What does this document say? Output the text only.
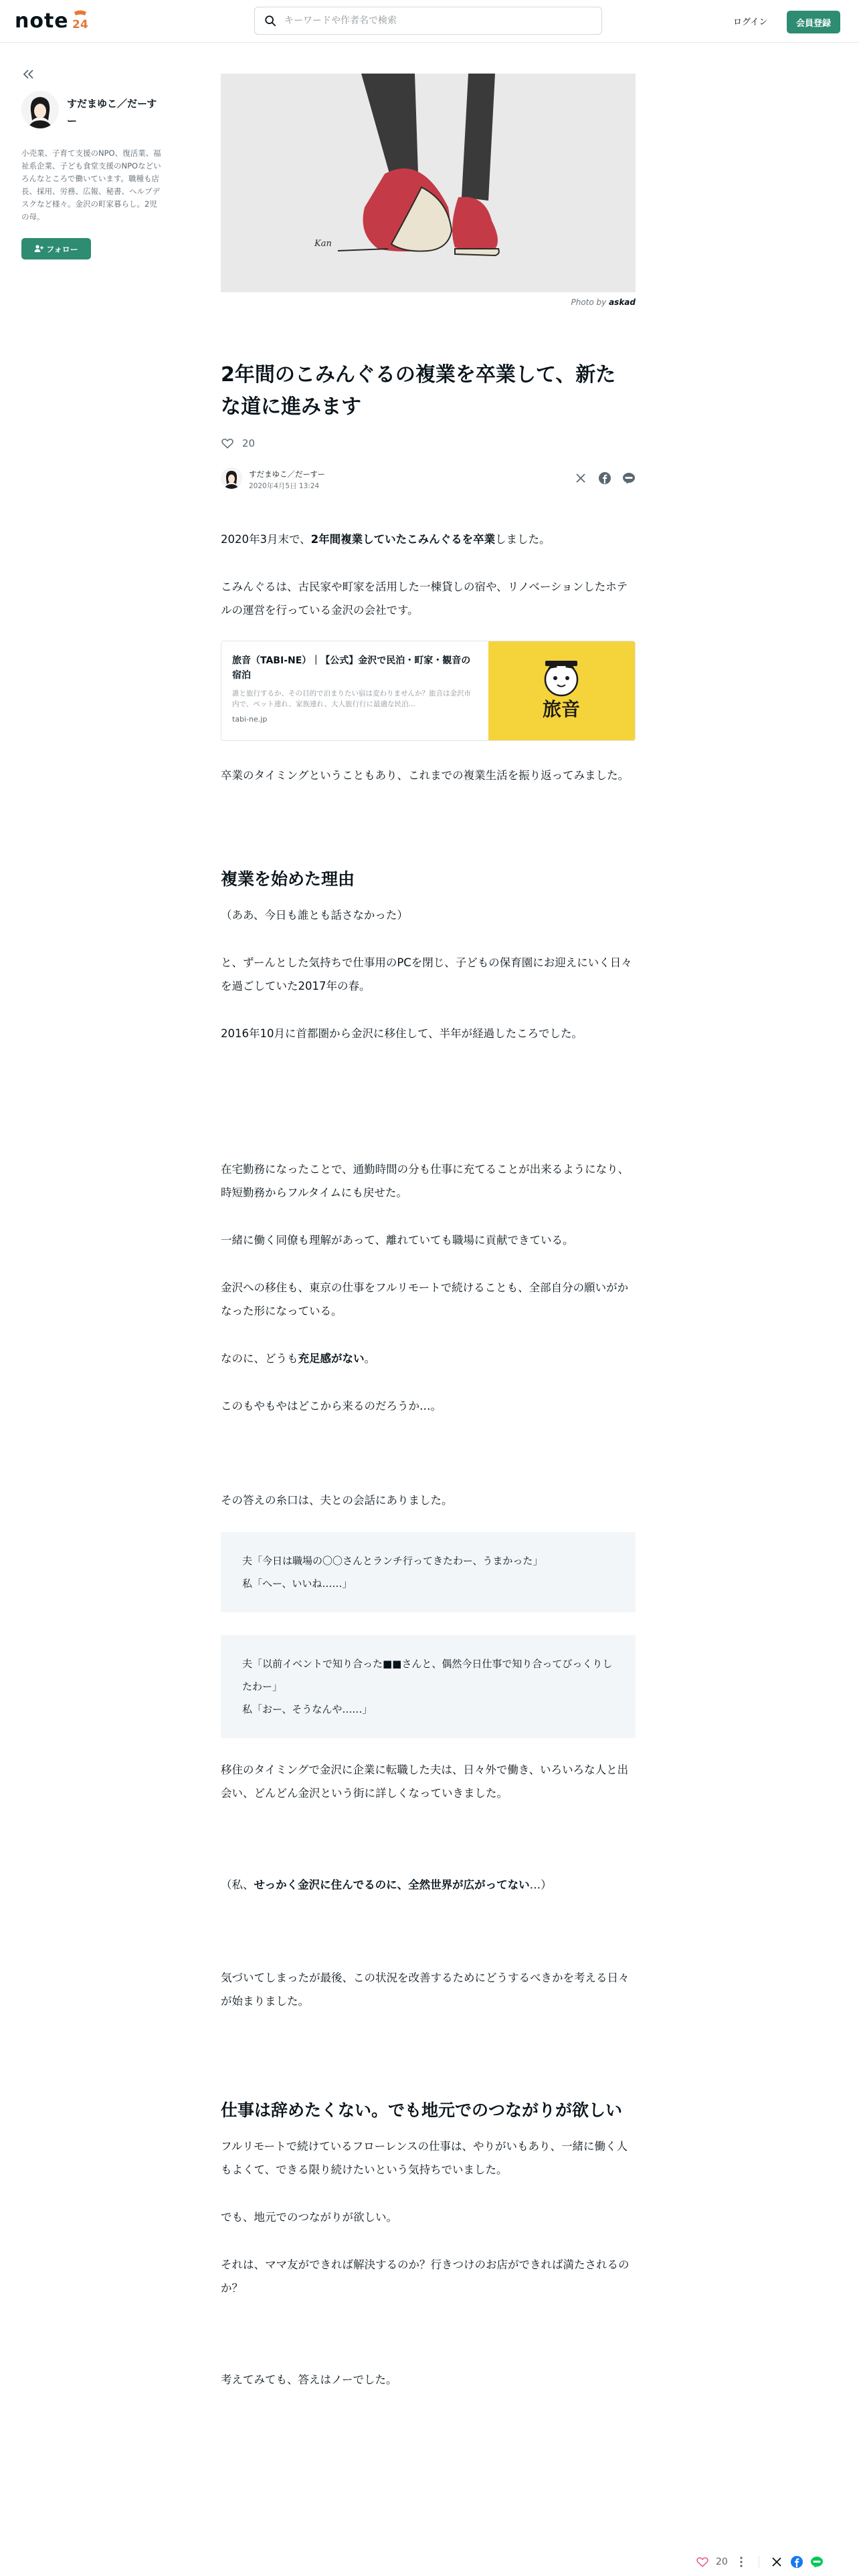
note 24
キーワードや作者名で検索	ログイン	会員登録
すだまゆこ／だーすー
小売業、子育て支援のNPO、復活業、福祉系企業、子ども食堂支援のNPOなどいろんなところで働いています。職種も店長、採用、労務、広報、秘書、ヘルプデスクなど様々。金沢の町家暮らし。2児の母。
フォロー
Kan
Photo by askad
2年間のこみんぐるの複業を卒業して、新たな道に進みます
20
すだまゆこ／だーすー
2020年4月5日 13:24

2020年3月末で、2年間複業していたこみんぐるを卒業しました。

こみんぐるは、古民家や町家を活用した一棟貸しの宿や、リノベーションしたホテルの運営を行っている金沢の会社です。

旅音（TABI-NE）｜【公式】金沢で民泊・町家・観音の宿泊
誰と旅行するか、その目的で泊まりたい宿は変わりませんか？旅音は金沢市内で、ペット連れ、家族連れ、大人旅行行に最適な民泊...
tabi-ne.jp	旅音

卒業のタイミングということもあり、これまでの複業生活を振り返ってみました。

複業を始めた理由

（ああ、今日も誰とも話さなかった）

と、ずーんとした気持ちで仕事用のPCを閉じ、子どもの保育園にお迎えにいく日々を過ごしていた2017年の春。

2016年10月に首都圏から金沢に移住して、半年が経過したころでした。

在宅勤務になったことで、通勤時間の分も仕事に充てることが出来るようになり、時短勤務からフルタイムにも戻せた。

一緒に働く同僚も理解があって、離れていても職場に貢献できている。

金沢への移住も、東京の仕事をフルリモートで続けることも、全部自分の願いがかなった形になっている。

なのに、どうも充足感がない。

このもやもやはどこから来るのだろうか…。

その答えの糸口は、夫との会話にありました。

夫「今日は職場の〇〇さんとランチ行ってきたわー、うまかった」

私「へー、いいね……」

夫「以前イベントで知り合った■■さんと、偶然今日仕事で知り合ってびっくりしたわー」

私「おー、そうなんや……」

移住のタイミングで金沢に企業に転職した夫は、日々外で働き、いろいろな人と出会い、どんどん金沢という街に詳しくなっていきました。

（私、せっかく金沢に住んでるのに、全然世界が広がってない…）

気づいてしまったが最後、この状況を改善するためにどうするべきかを考える日々が始まりました。

仕事は辞めたくない。でも地元でのつながりが欲しい

フルリモートで続けているフローレンスの仕事は、やりがいもあり、一緒に働く人もよくて、できる限り続けたいという気持ちでいました。

でも、地元でのつながりが欲しい。

それは、ママ友ができれば解決するのか？行きつけのお店ができれば満たされるのか？

考えてみても、答えはノーでした。

20
